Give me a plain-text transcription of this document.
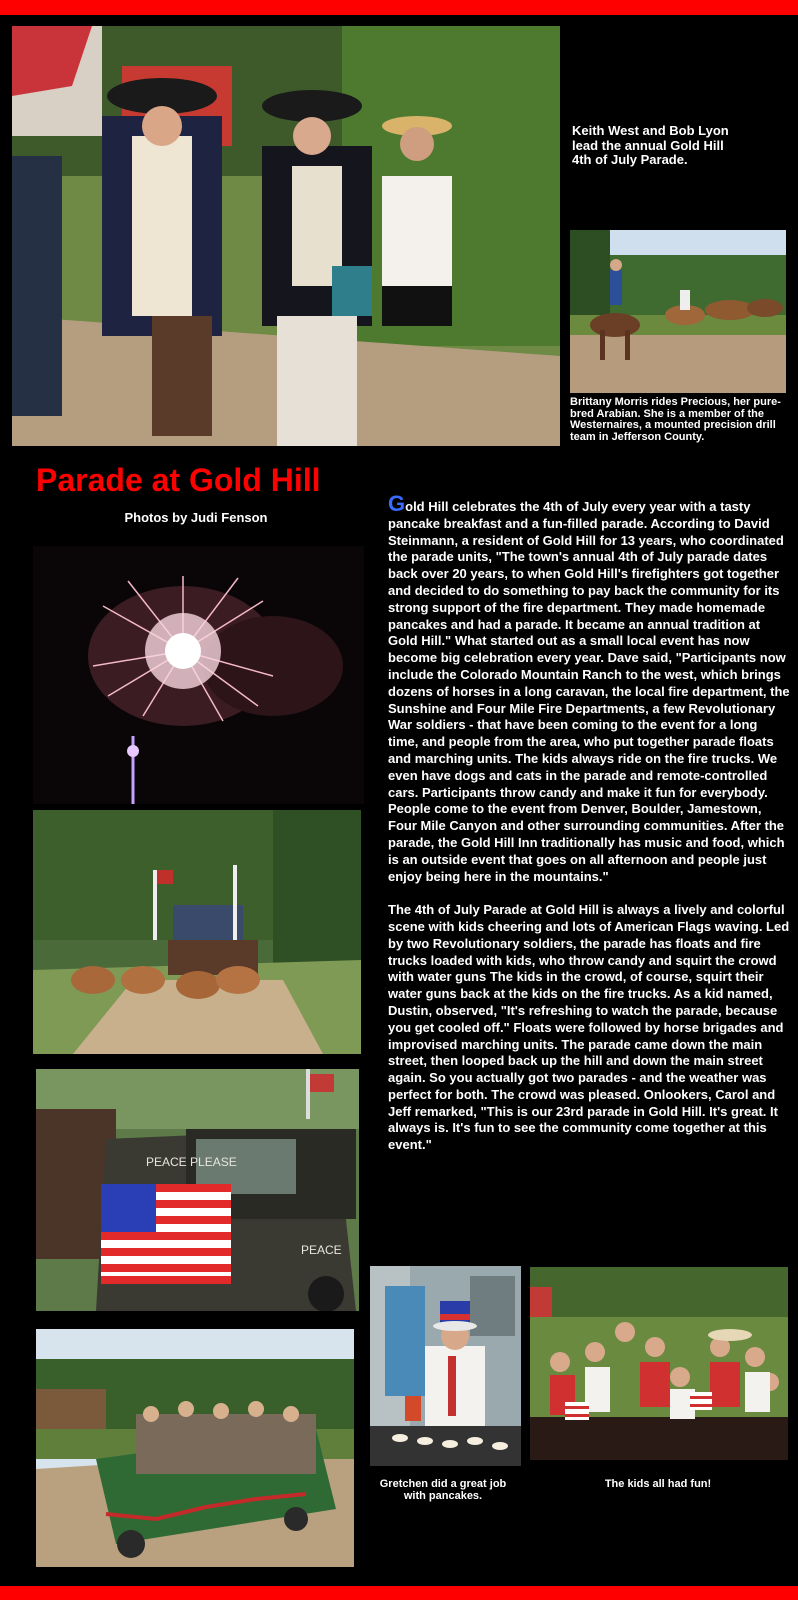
Keith West and Bob Lyon lead the annual Gold Hill 4th of July Parade.
Brittany Morris rides Precious, her pure-bred Arabian. She is a member of the Westernaires, a mounted precision drill team in Jefferson County.
Parade at Gold Hill
Photos by Judi Fenson
PEACE PLEASE
PEACE
Gretchen did a great job with pancakes.
The kids all had fun!

Gold Hill celebrates the 4th of July every year with a tasty pancake breakfast and a fun-filled parade. According to David Steinmann, a resident of Gold Hill for 13 years, who coordinated the parade units, "The town's annual 4th of July parade dates back over 20 years, to when Gold Hill's firefighters got together and decided to do something to pay back the community for its strong support of the fire department. They made homemade pancakes and had a parade. It became an annual tradition at Gold Hill." What started out as a small local event has now become big celebration every year. Dave said, "Participants now include the Colorado Mountain Ranch to the west, which brings dozens of horses in a long caravan, the local fire department, the Sunshine and Four Mile Fire Departments, a few Revolutionary War soldiers - that have been coming to the event for a long time, and people from the area, who put together parade floats and marching units. The kids always ride on the fire trucks. We even have dogs and cats in the parade and remote-controlled cars. Participants throw candy and make it fun for everybody. People come to the event from Denver, Boulder, Jamestown, Four Mile Canyon and other surrounding communities. After the parade, the Gold Hill Inn traditionally has music and food, which is an outside event that goes on all afternoon and people just enjoy being here in the mountains."

The 4th of July Parade at Gold Hill is always a lively and colorful scene with kids cheering and lots of American Flags waving. Led by two Revolutionary soldiers, the parade has floats and fire trucks loaded with kids, who throw candy and squirt the crowd with water guns The kids in the crowd, of course, squirt their water guns back at the kids on the fire trucks. As a kid named, Dustin, observed, "It's refreshing to watch the parade, because you get cooled off." Floats were followed by horse brigades and improvised marching units. The parade came down the main street, then looped back up the hill and down the main street again. So you actually got two parades - and the weather was perfect for both. The crowd was pleased. Onlookers, Carol and Jeff remarked, "This is our 23rd parade in Gold Hill. It's great. It always is. It's fun to see the community come together at this event."
